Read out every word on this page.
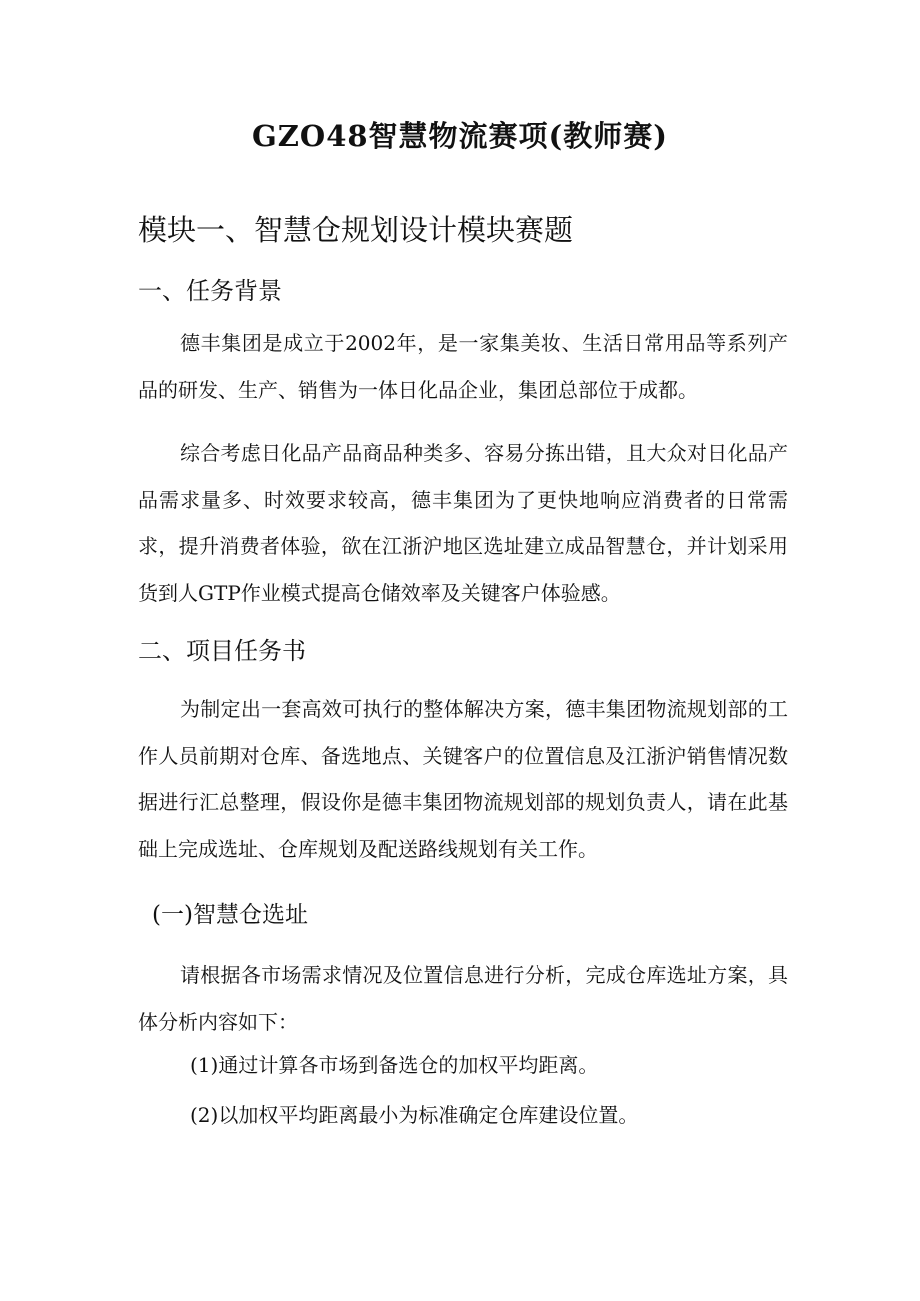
GZO48智慧物流赛项(教师赛)
模块一、智慧仓规划设计模块赛题
一、任务背景

德丰集团是成立于2002年，是一家集美妆、生活日常用品等系列产品的研发、生产、销售为一体日化品企业，集团总部位于成都。

综合考虑日化品产品商品种类多、容易分拣出错，且大众对日化品产品需求量多、时效要求较高，德丰集团为了更快地响应消费者的日常需求，提升消费者体验，欲在江浙沪地区选址建立成品智慧仓，并计划采用货到人GTP作业模式提高仓储效率及关键客户体验感。

二、项目任务书

为制定出一套高效可执行的整体解决方案，德丰集团物流规划部的工作人员前期对仓库、备选地点、关键客户的位置信息及江浙沪销售情况数据进行汇总整理，假设你是德丰集团物流规划部的规划负责人，请在此基础上完成选址、仓库规划及配送路线规划有关工作。

(一)智慧仓选址

请根据各市场需求情况及位置信息进行分析，完成仓库选址方案，具体分析内容如下：

(1)通过计算各市场到备选仓的加权平均距离。
(2)以加权平均距离最小为标准确定仓库建设位置。
